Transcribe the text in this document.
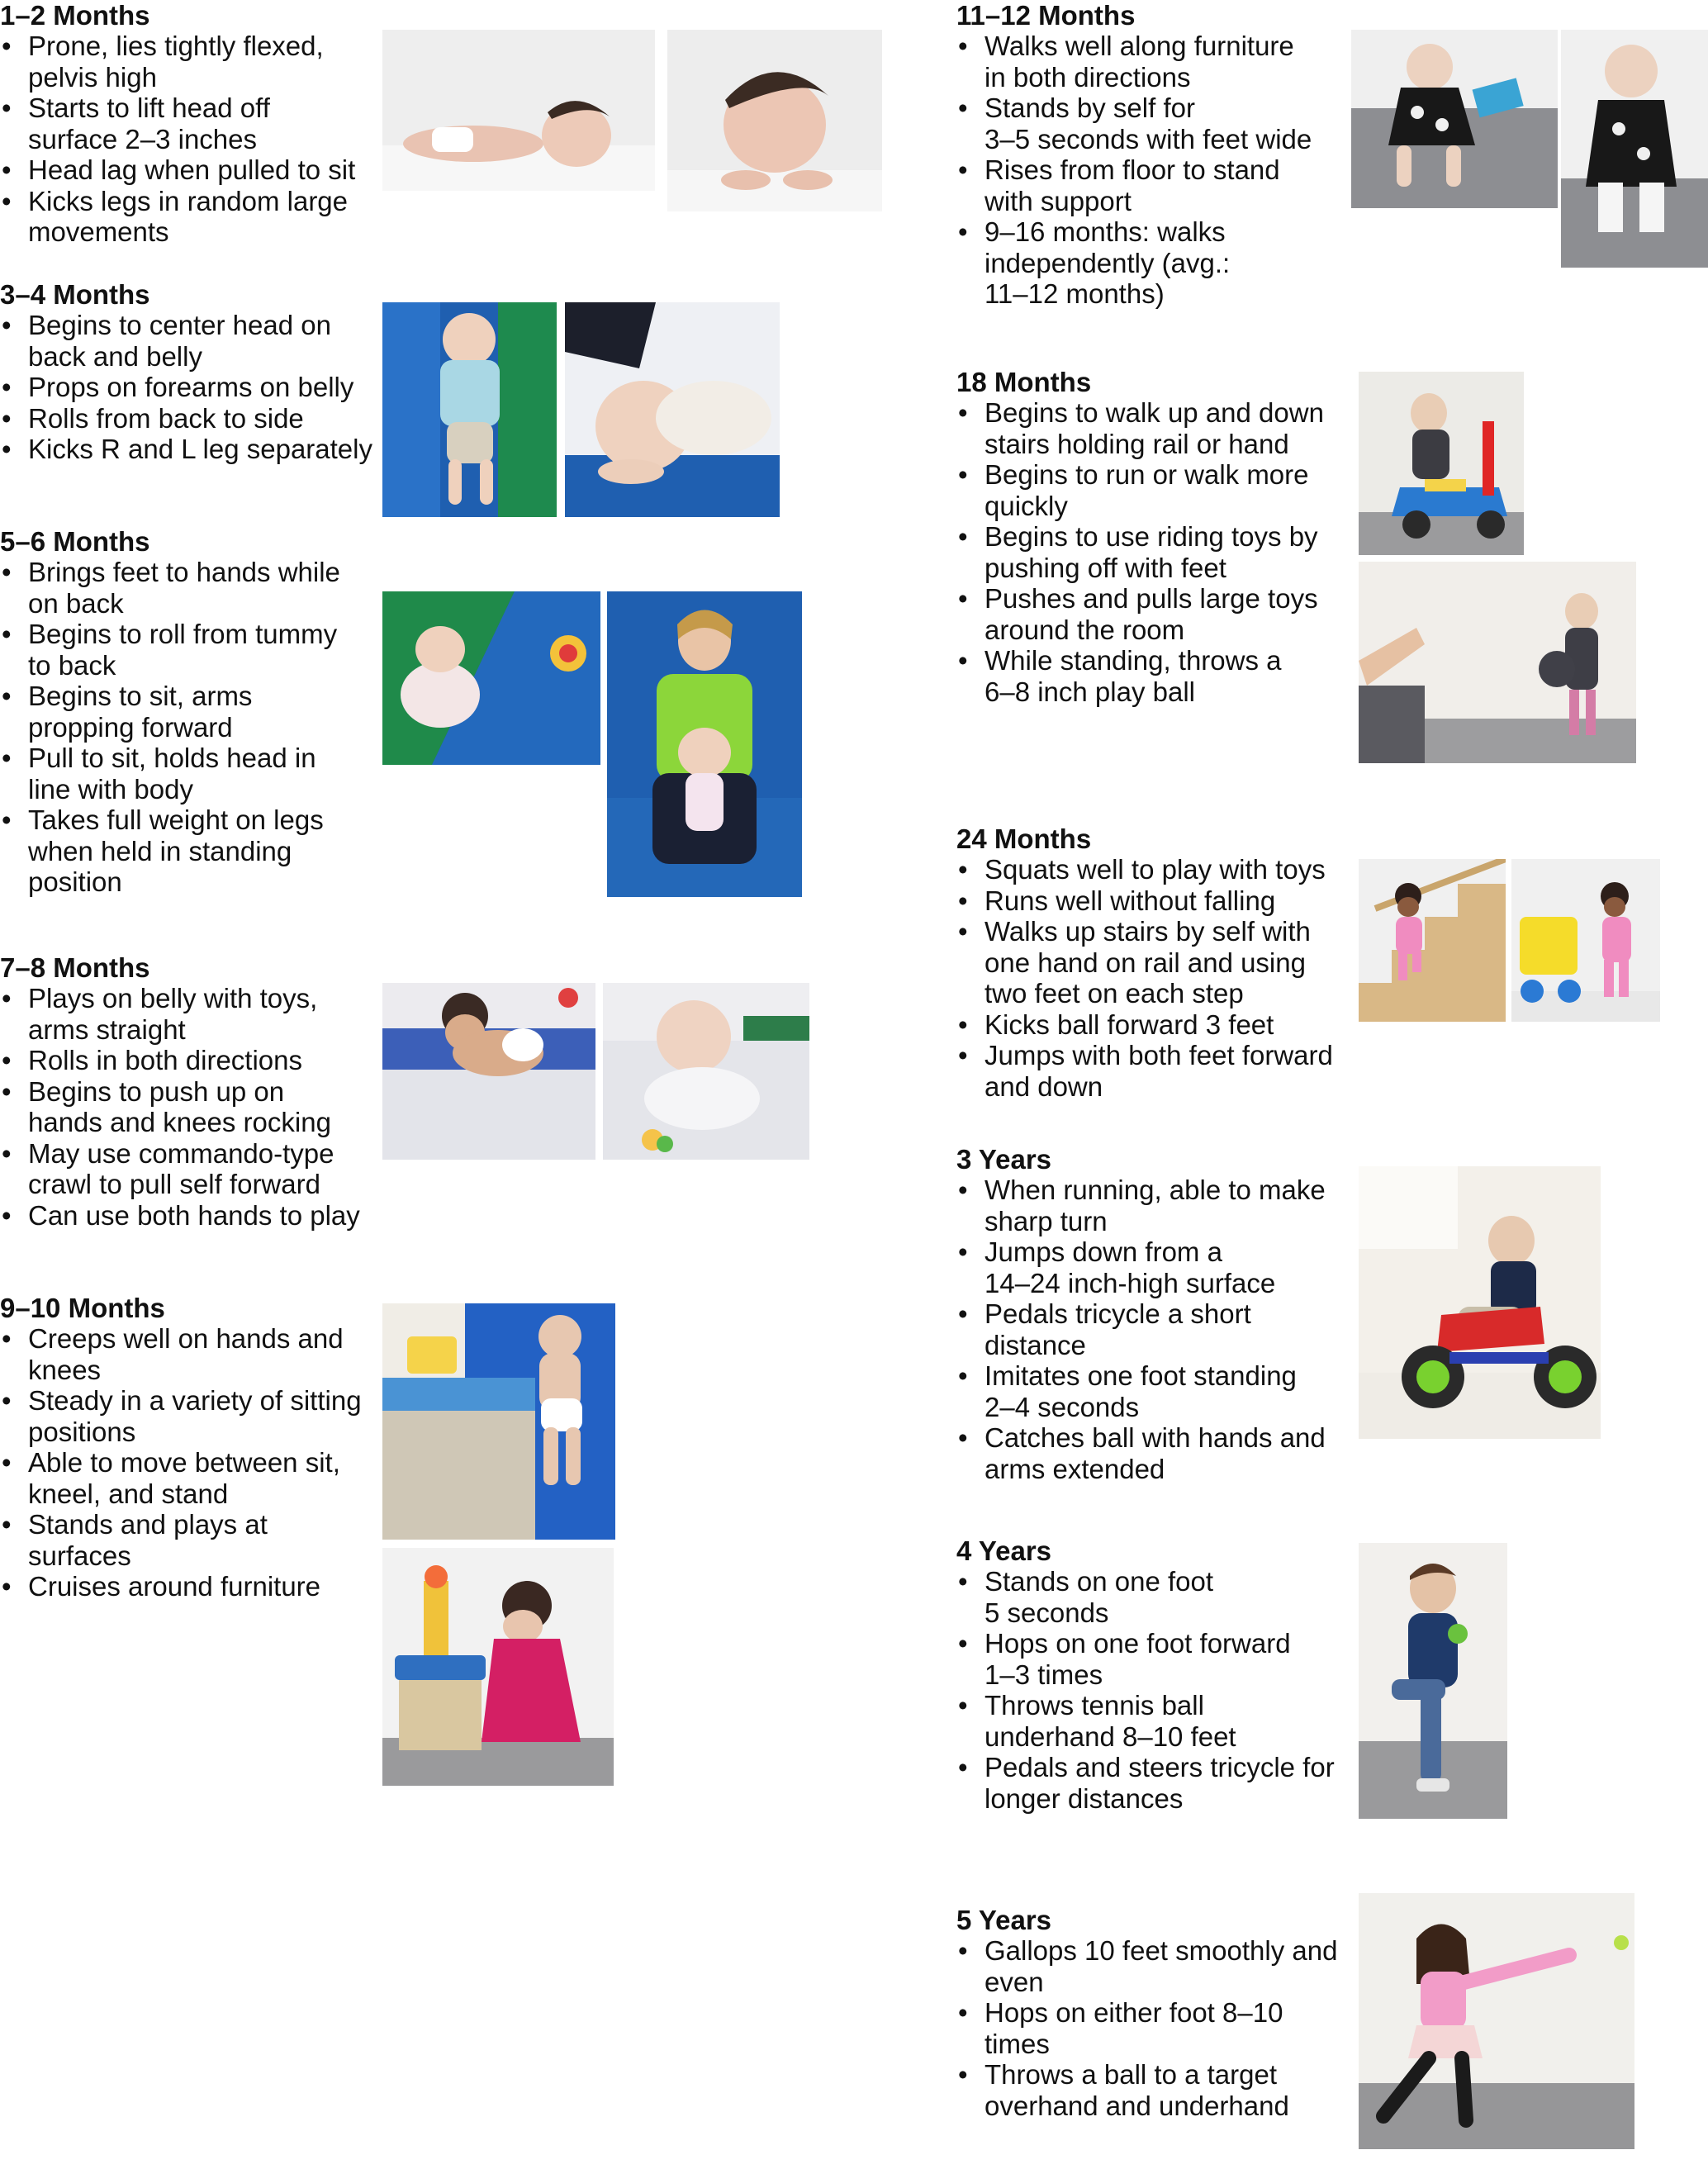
1–2 Months
• Prone, lies tightly flexed,
pelvis high
• Starts to lift head off
surface 2–3 inches
• Head lag when pulled to sit
• Kicks legs in random large
movements
3–4 Months
• Begins to center head on
back and belly
• Props on forearms on belly
• Rolls from back to side
• Kicks R and L leg separately
5–6 Months
• Brings feet to hands while
on back
• Begins to roll from tummy
to back
• Begins to sit, arms
propping forward
• Pull to sit, holds head in
line with body
• Takes full weight on legs
when held in standing
position
7–8 Months
• Plays on belly with toys,
arms straight
• Rolls in both directions
• Begins to push up on
hands and knees rocking
• May use commando-type
crawl to pull self forward
• Can use both hands to play
9–10 Months
• Creeps well on hands and
knees
• Steady in a variety of sitting
positions
• Able to move between sit,
kneel, and stand
• Stands and plays at
surfaces
• Cruises around furniture
11–12 Months
• Walks well along furniture
in both directions
• Stands by self for
3–5 seconds with feet wide
• Rises from floor to stand
with support
• 9–16 months: walks
independently (avg.:
11–12 months)
18 Months
• Begins to walk up and down
stairs holding rail or hand
• Begins to run or walk more
quickly
• Begins to use riding toys by
pushing off with feet
• Pushes and pulls large toys
around the room
• While standing, throws a
6–8 inch play ball
24 Months
• Squats well to play with toys
• Runs well without falling
• Walks up stairs by self with
one hand on rail and using
two feet on each step
• Kicks ball forward 3 feet
• Jumps with both feet forward
and down
3 Years
• When running, able to make
sharp turn
• Jumps down from a
14–24 inch-high surface
• Pedals tricycle a short
distance
• Imitates one foot standing
2–4 seconds
• Catches ball with hands and
arms extended
4 Years
• Stands on one foot
5 seconds
• Hops on one foot forward
1–3 times
• Throws tennis ball
underhand 8–10 feet
• Pedals and steers tricycle for
longer distances
5 Years
• Gallops 10 feet smoothly and
even
• Hops on either foot 8–10
times
• Throws a ball to a target
overhand and underhand
